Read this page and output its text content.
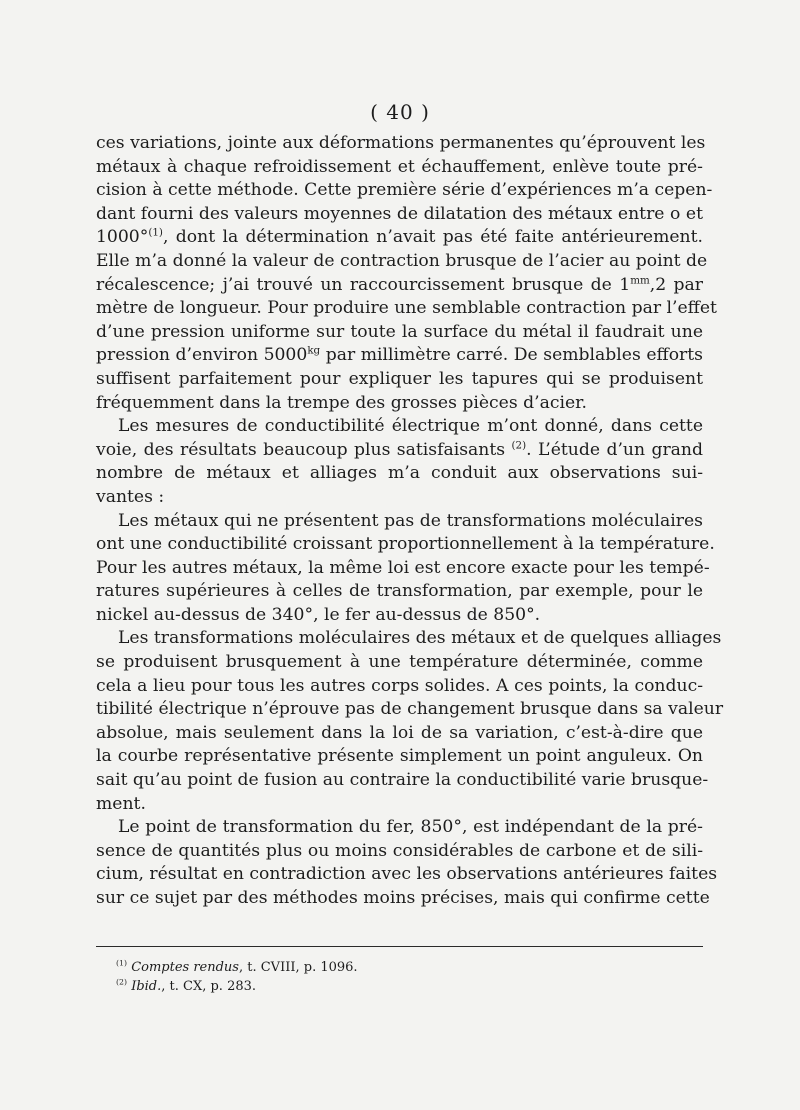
( 40 )
ces variations, jointe aux déformations permanentes qu’éprouvent les
métaux à chaque refroidissement et échauffement, enlève toute pré-
cision à cette méthode. Cette première série d’expériences m’a cepen-
dant fourni des valeurs moyennes de dilatation des métaux entre o et
1000°$^{(1)}$, dont la détermination n’avait pas été faite antérieurement.
Elle m’a donné la valeur de contraction brusque de l’acier au point de
récalescence; j’ai trouvé un raccourcissement brusque de $1^{mm},2$ par
mètre de longueur. Pour produire une semblable contraction par l’effet
d’une pression uniforme sur toute la surface du métal il faudrait une
pression d’environ $5000^{kg}$ par millimètre carré. De semblables efforts
suffisent parfaitement pour expliquer les tapures qui se produisent
fréquemment dans la trempe des grosses pièces d’acier.
Les mesures de conductibilité électrique m’ont donné, dans cette
voie, des résultats beaucoup plus satisfaisants $^{(2)}$. L’étude d’un grand
nombre de métaux et alliages m’a conduit aux observations sui-
vantes :
Les métaux qui ne présentent pas de transformations moléculaires
ont une conductibilité croissant proportionnellement à la température.
Pour les autres métaux, la même loi est encore exacte pour les tempé-
ratures supérieures à celles de transformation, par exemple, pour le
nickel au-dessus de 340°, le fer au-dessus de 850°.
Les transformations moléculaires des métaux et de quelques alliages
se produisent brusquement à une température déterminée, comme
cela a lieu pour tous les autres corps solides. A ces points, la conduc-
tibilité électrique n’éprouve pas de changement brusque dans sa valeur
absolue, mais seulement dans la loi de sa variation, c’est-à-dire que
la courbe représentative présente simplement un point anguleux. On
sait qu’au point de fusion au contraire la conductibilité varie brusque-
ment.
Le point de transformation du fer, 850°, est indépendant de la pré-
sence de quantités plus ou moins considérables de carbone et de sili-
cium, résultat en contradiction avec les observations antérieures faites
sur ce sujet par des méthodes moins précises, mais qui confirme cette
$^{(1)}$ Comptes rendus, t. CVIII, p. 1096.
$^{(2)}$ Ibid., t. CX, p. 283.
